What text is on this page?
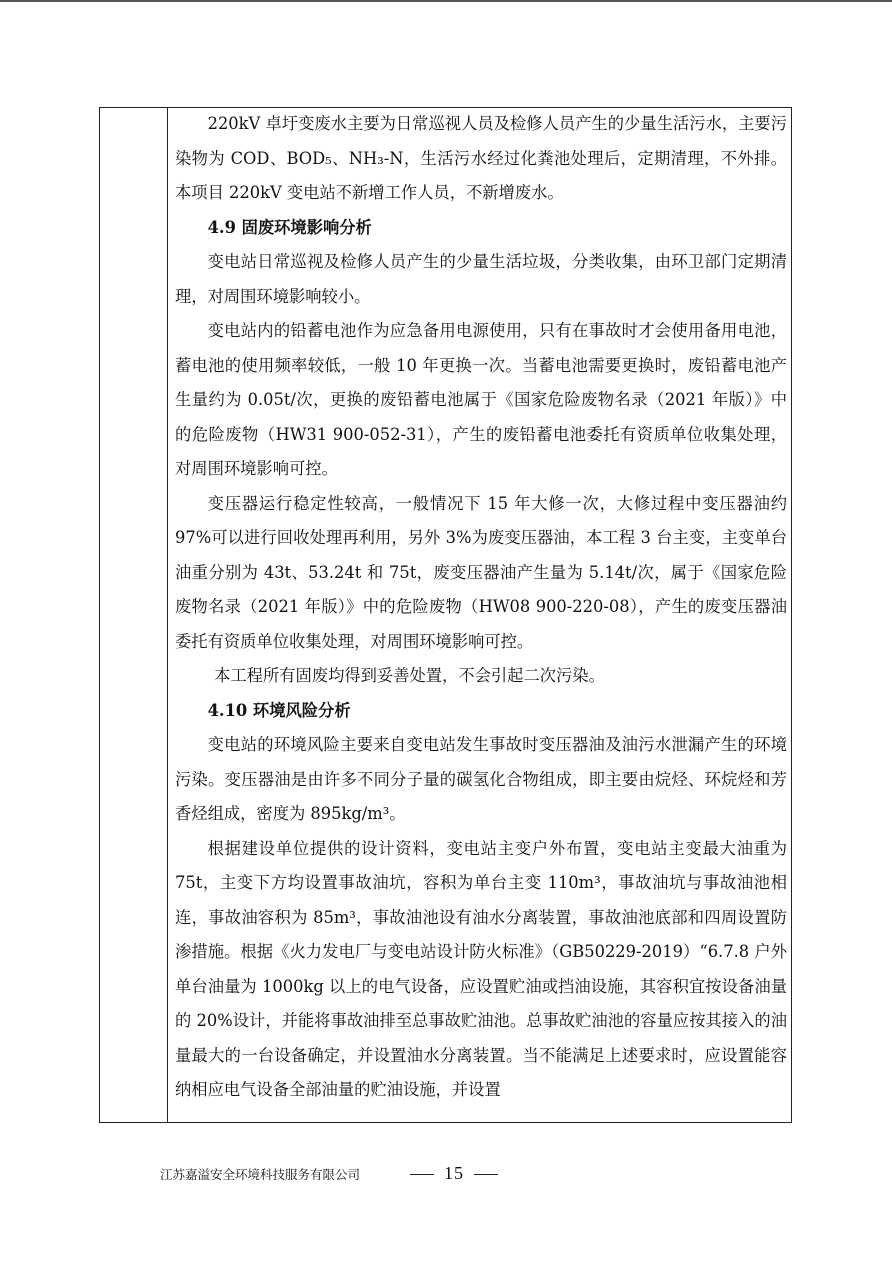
220kV 卓圩变废水主要为日常巡视人员及检修人员产生的少量生活污水，主要污染物为 COD、BOD₅、NH₃-N，生活污水经过化粪池处理后，定期清理，不外排。本项目 220kV 变电站不新增工作人员，不新增废水。

4.9 固废环境影响分析

变电站日常巡视及检修人员产生的少量生活垃圾，分类收集，由环卫部门定期清理，对周围环境影响较小。

变电站内的铅蓄电池作为应急备用电源使用，只有在事故时才会使用备用电池，蓄电池的使用频率较低，一般 10 年更换一次。当蓄电池需要更换时，废铅蓄电池产生量约为 0.05t/次，更换的废铅蓄电池属于《国家危险废物名录（2021 年版）》中的危险废物（HW31 900-052-31），产生的废铅蓄电池委托有资质单位收集处理，对周围环境影响可控。

变压器运行稳定性较高，一般情况下 15 年大修一次，大修过程中变压器油约 97%可以进行回收处理再利用，另外 3%为废变压器油，本工程 3 台主变，主变单台油重分别为 43t、53.24t 和 75t，废变压器油产生量为 5.14t/次，属于《国家危险废物名录（2021 年版）》中的危险废物（HW08 900-220-08），产生的废变压器油委托有资质单位收集处理，对周围环境影响可控。

本工程所有固废均得到妥善处置，不会引起二次污染。

4.10 环境风险分析

变电站的环境风险主要来自变电站发生事故时变压器油及油污水泄漏产生的环境污染。变压器油是由许多不同分子量的碳氢化合物组成，即主要由烷烃、环烷烃和芳香烃组成，密度为 895kg/m³。

根据建设单位提供的设计资料，变电站主变户外布置，变电站主变最大油重为 75t，主变下方均设置事故油坑，容积为单台主变 110m³，事故油坑与事故油池相连，事故油容积为 85m³，事故油池设有油水分离装置，事故油池底部和四周设置防渗措施。根据《火力发电厂与变电站设计防火标准》（GB50229-2019）“6.7.8 户外单台油量为 1000kg 以上的电气设备，应设置贮油或挡油设施，其容积宜按设备油量的 20%设计，并能将事故油排至总事故贮油池。总事故贮油池的容量应按其接入的油量最大的一台设备确定，并设置油水分离装置。当不能满足上述要求时，应设置能容纳相应电气设备全部油量的贮油设施，并设置

江苏嘉溢安全环境科技服务有限公司	15
